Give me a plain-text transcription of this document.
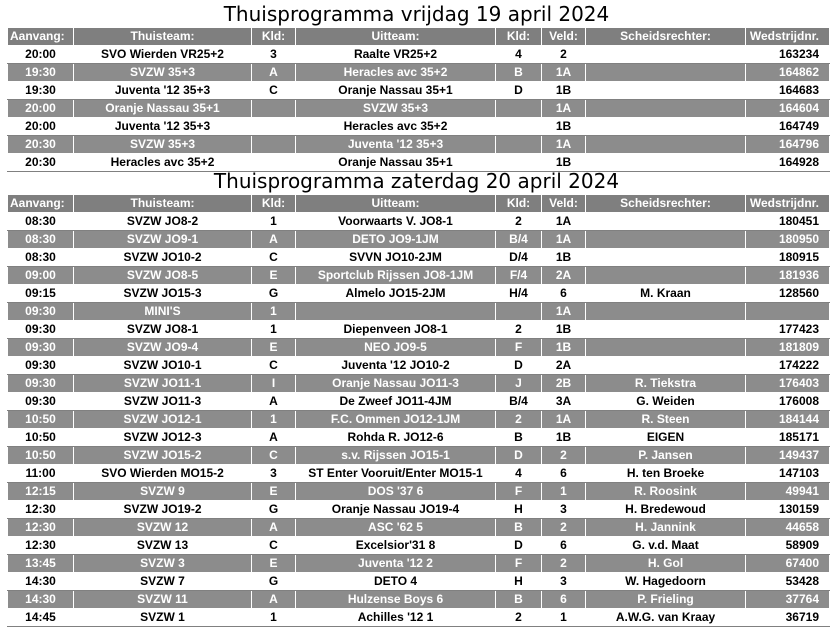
Thuisprogramma vrijdag 19 april 2024
Aanvang:	Thuisteam:	Kld:	Uitteam:	Kld:	Veld:	Scheidsrechter:	Wedstrijdnr.
20:00	SVO Wierden VR25+2	3	Raalte VR25+2	4	2		163234
19:30	SVZW 35+3	A	Heracles avc 35+2	B	1A		164862
19:30	Juventa '12 35+3	C	Oranje Nassau 35+1	D	1B		164683
20:00	Oranje Nassau 35+1		SVZW 35+3		1A		164604
20:00	Juventa '12 35+3		Heracles avc 35+2		1B		164749
20:30	SVZW 35+3		Juventa '12 35+3		1A		164796
20:30	Heracles avc 35+2		Oranje Nassau 35+1		1B		164928
Thuisprogramma zaterdag 20 april 2024
Aanvang:	Thuisteam:	Kld:	Uitteam:	Kld:	Veld:	Scheidsrechter:	Wedstrijdnr.
08:30	SVZW JO8-2	1	Voorwaarts V. JO8-1	2	1A		180451
08:30	SVZW JO9-1	A	DETO JO9-1JM	B/4	1A		180950
08:30	SVZW JO10-2	C	SVVN JO10-2JM	D/4	1B		180915
09:00	SVZW JO8-5	E	Sportclub Rijssen JO8-1JM	F/4	2A		181936
09:15	SVZW JO15-3	G	Almelo JO15-2JM	H/4	6	M. Kraan	128560
09:30	MINI'S	1			1A		
09:30	SVZW JO8-1	1	Diepenveen JO8-1	2	1B		177423
09:30	SVZW JO9-4	E	NEO JO9-5	F	1B		181809
09:30	SVZW JO10-1	C	Juventa '12 JO10-2	D	2A		174222
09:30	SVZW JO11-1	I	Oranje Nassau JO11-3	J	2B	R. Tiekstra	176403
09:30	SVZW JO11-3	A	De Zweef JO11-4JM	B/4	3A	G. Weiden	176008
10:50	SVZW JO12-1	1	F.C. Ommen JO12-1JM	2	1A	R. Steen	184144
10:50	SVZW JO12-3	A	Rohda R. JO12-6	B	1B	EIGEN	185171
10:50	SVZW JO15-2	C	s.v. Rijssen JO15-1	D	2	P. Jansen	149437
11:00	SVO Wierden MO15-2	3	ST Enter Vooruit/Enter MO15-1	4	6	H. ten Broeke	147103
12:15	SVZW 9	E	DOS '37 6	F	1	R. Roosink	49941
12:30	SVZW JO19-2	G	Oranje Nassau JO19-4	H	3	H. Bredewoud	130159
12:30	SVZW 12	A	ASC '62 5	B	2	H. Jannink	44658
12:30	SVZW 13	C	Excelsior'31 8	D	6	G. v.d. Maat	58909
13:45	SVZW 3	E	Juventa '12 2	F	2	H. Gol	67400
14:30	SVZW 7	G	DETO 4	H	3	W. Hagedoorn	53428
14:30	SVZW 11	A	Hulzense Boys 6	B	6	P. Frieling	37764
14:45	SVZW 1	1	Achilles '12 1	2	1	A.W.G. van Kraay	36719
